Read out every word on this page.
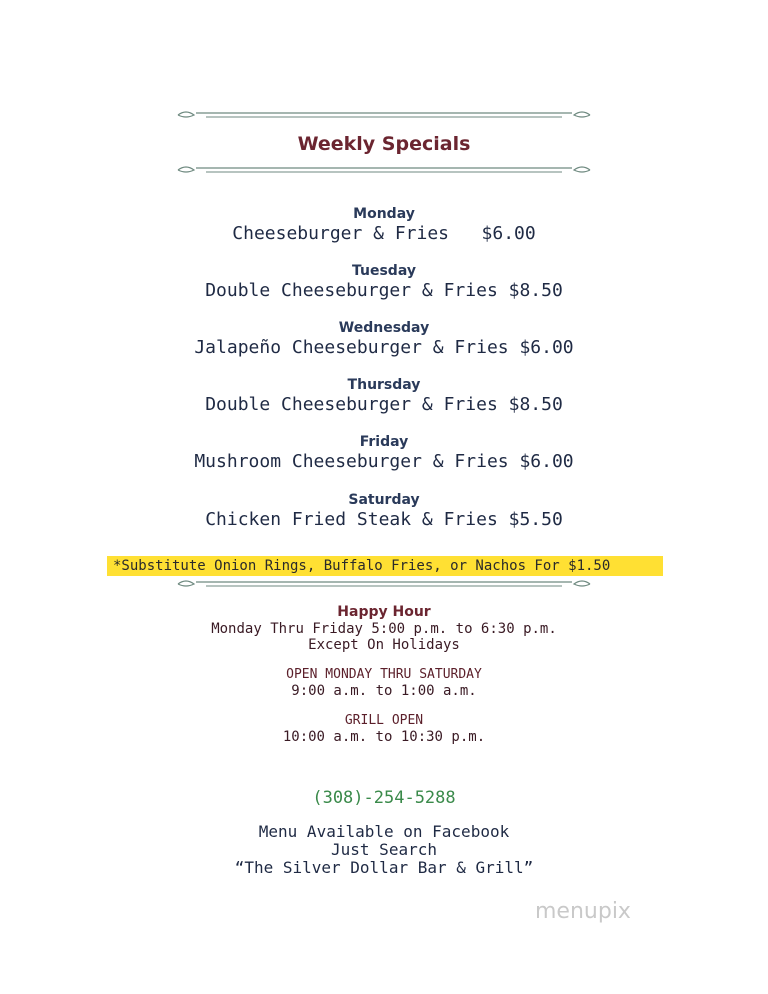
Weekly Specials
Monday
Cheeseburger & Fries   $6.00
Tuesday
Double Cheeseburger & Fries $8.50
Wednesday
Jalapeño Cheeseburger & Fries $6.00
Thursday
Double Cheeseburger & Fries $8.50
Friday
Mushroom Cheeseburger & Fries $6.00
Saturday
Chicken Fried Steak & Fries $5.50
*Substitute Onion Rings, Buffalo Fries, or Nachos For $1.50
Happy Hour
Monday Thru Friday 5:00 p.m. to 6:30 p.m.
Except On Holidays
OPEN MONDAY THRU SATURDAY
9:00 a.m. to 1:00 a.m.
GRILL OPEN
10:00 a.m. to 10:30 p.m.
(308)-254-5288
Menu Available on Facebook
Just Search
“The Silver Dollar Bar & Grill”
menupix
